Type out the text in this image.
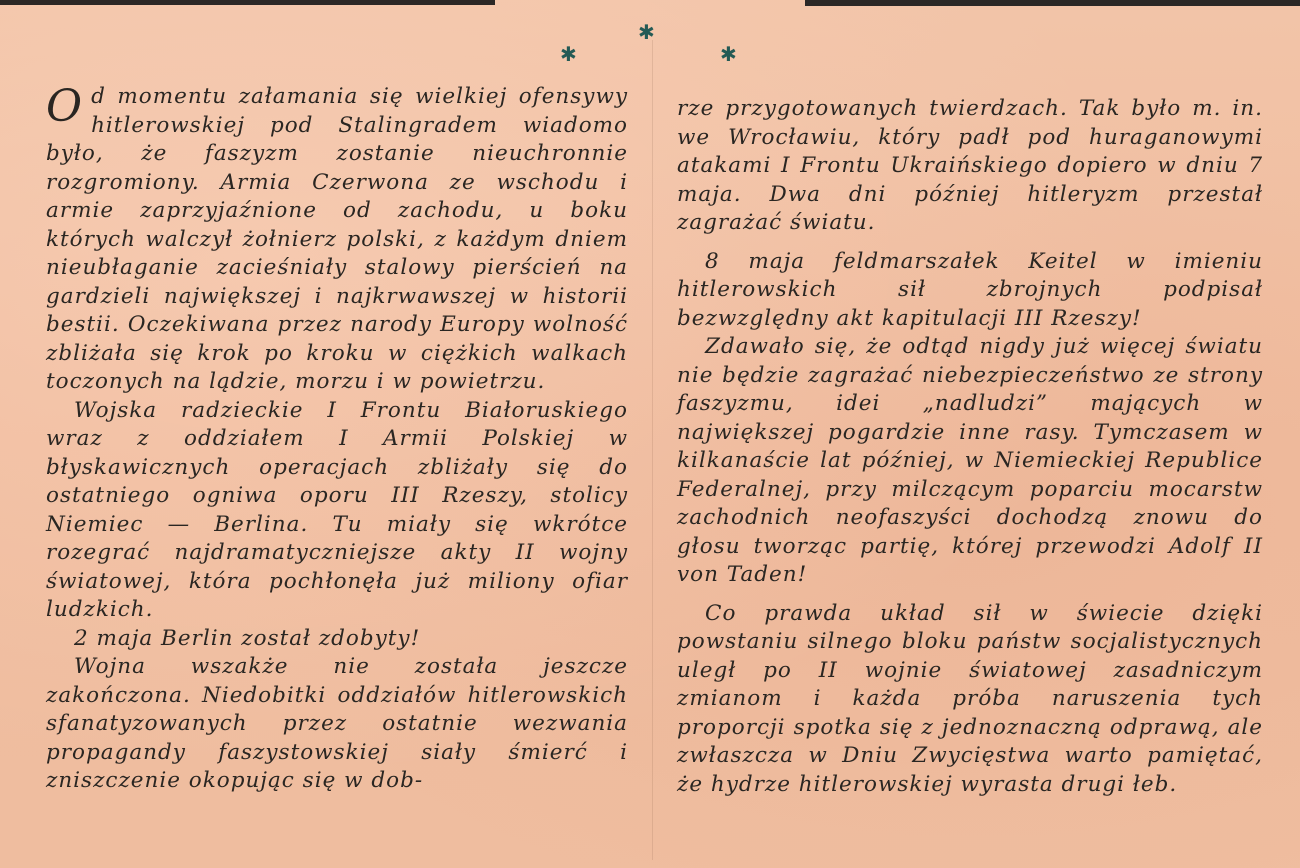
✱
✱	✱

Od momentu załamania się wielkiej ofensywy hitlerowskiej pod Stalingradem wiadomo było, że faszyzm zostanie nieuchronnie rozgromiony. Armia Czerwona ze wschodu i armie zaprzyjaźnione od zachodu, u boku których walczył żołnierz polski, z każdym dniem nieubłaganie zacieśniały stalowy pierścień na gardzieli największej i najkrwawszej w historii bestii. Oczekiwana przez narody Europy wolność zbliżała się krok po kroku w ciężkich walkach toczonych na lądzie, morzu i w powietrzu.

Wojska radzieckie I Frontu Białoruskiego wraz z oddziałem I Armii Polskiej w błyskawicznych operacjach zbliżały się do ostatniego ogniwa oporu III Rzeszy, stolicy Niemiec — Berlina. Tu miały się wkrótce rozegrać najdramatyczniejsze akty II wojny światowej, która pochłonęła już miliony ofiar ludzkich.

2 maja Berlin został zdobyty!

Wojna wszakże nie została jeszcze zakończona. Niedobitki oddziałów hitlerowskich sfanatyzowanych przez ostatnie wezwania propagandy faszystowskiej siały śmierć i zniszczenie okopując się w dob-

rze przygotowanych twierdzach. Tak było m. in. we Wrocławiu, który padł pod huraganowymi atakami I Frontu Ukraińskiego dopiero w dniu 7 maja. Dwa dni później hitleryzm przestał zagrażać światu.

8 maja feldmarszałek Keitel w imieniu hitlerowskich sił zbrojnych podpisał bezwzględny akt kapitulacji III Rzeszy!

Zdawało się, że odtąd nigdy już więcej światu nie będzie zagrażać niebezpieczeństwo ze strony faszyzmu, idei „nadludzi” mających w największej pogardzie inne rasy. Tymczasem w kilkanaście lat później, w Niemieckiej Republice Federalnej, przy milczącym poparciu mocarstw zachodnich neofaszyści dochodzą znowu do głosu tworząc partię, której przewodzi Adolf II von Taden!

Co prawda układ sił w świecie dzięki powstaniu silnego bloku państw socjalistycznych uległ po II wojnie światowej zasadniczym zmianom i każda próba naruszenia tych proporcji spotka się z jednoznaczną odprawą, ale zwłaszcza w Dniu Zwycięstwa warto pamiętać, że hydrze hitlerowskiej wyrasta drugi łeb.
